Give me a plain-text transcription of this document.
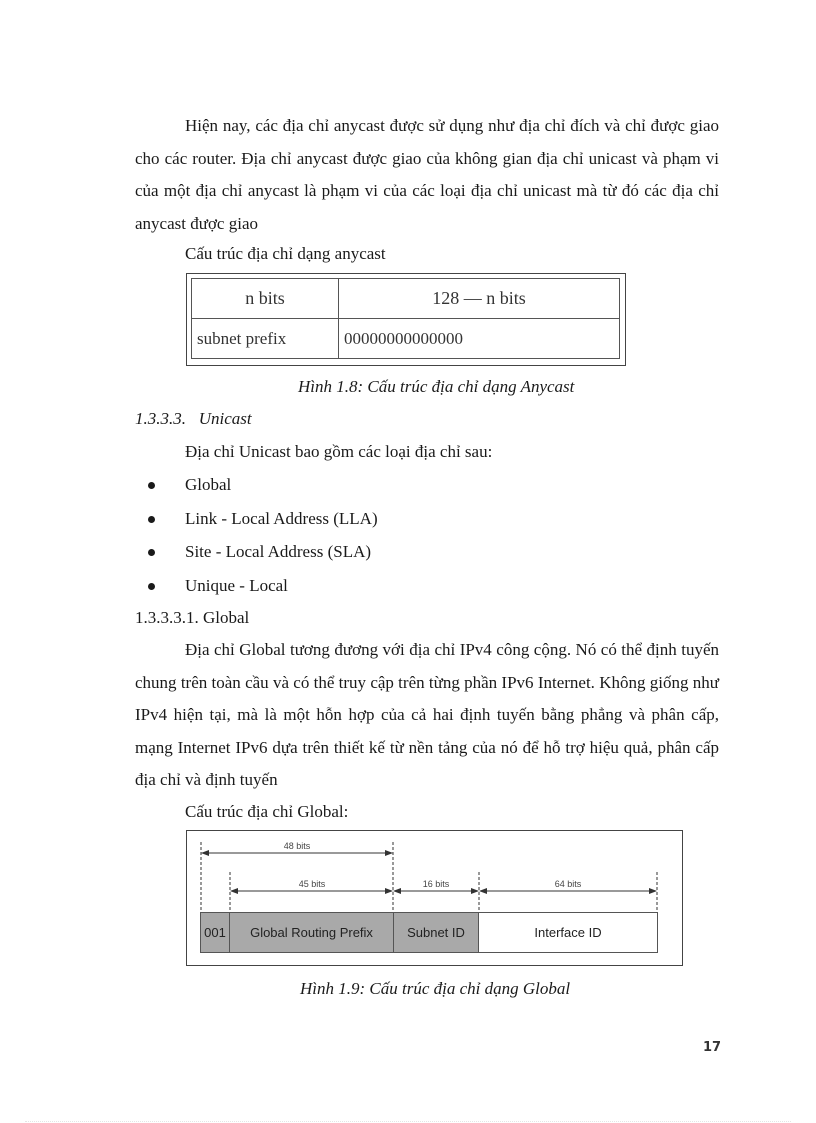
Hiện nay, các địa chỉ anycast được sử dụng như địa chỉ đích và chỉ được giao cho các router. Địa chỉ anycast được giao của không gian địa chỉ unicast và phạm vi của một địa chỉ anycast là phạm vi của các loại địa chỉ unicast mà từ đó các địa chỉ anycast được giao

Cấu trúc địa chỉ dạng anycast
n bits	128 — n bits
subnet prefix	00000000000000
Hình 1.8: Cấu trúc địa chỉ dạng Anycast
1.3.3.3.   Unicast
Địa chỉ Unicast bao gồm các loại địa chỉ sau:
Global
Link - Local Address (LLA)
Site - Local Address (SLA)
Unique - Local
1.3.3.3.1. Global

Địa chỉ Global tương đương với địa chỉ IPv4 công cộng. Nó có thể định tuyến chung trên toàn cầu và có thể truy cập trên từng phần IPv6 Internet. Không giống như IPv4 hiện tại, mà là một hỗn hợp của cả hai định tuyến bằng phẳng và phân cấp, mạng Internet IPv6 dựa trên thiết kế từ nền tảng của nó để hỗ trợ hiệu quả, phân cấp địa chỉ và định tuyến

Cấu trúc địa chỉ Global:
48 bits
45 bits	16 bits	64 bits
001	Global Routing Prefix	Subnet ID	Interface ID
Hình 1.9: Cấu trúc địa chỉ dạng Global
17
